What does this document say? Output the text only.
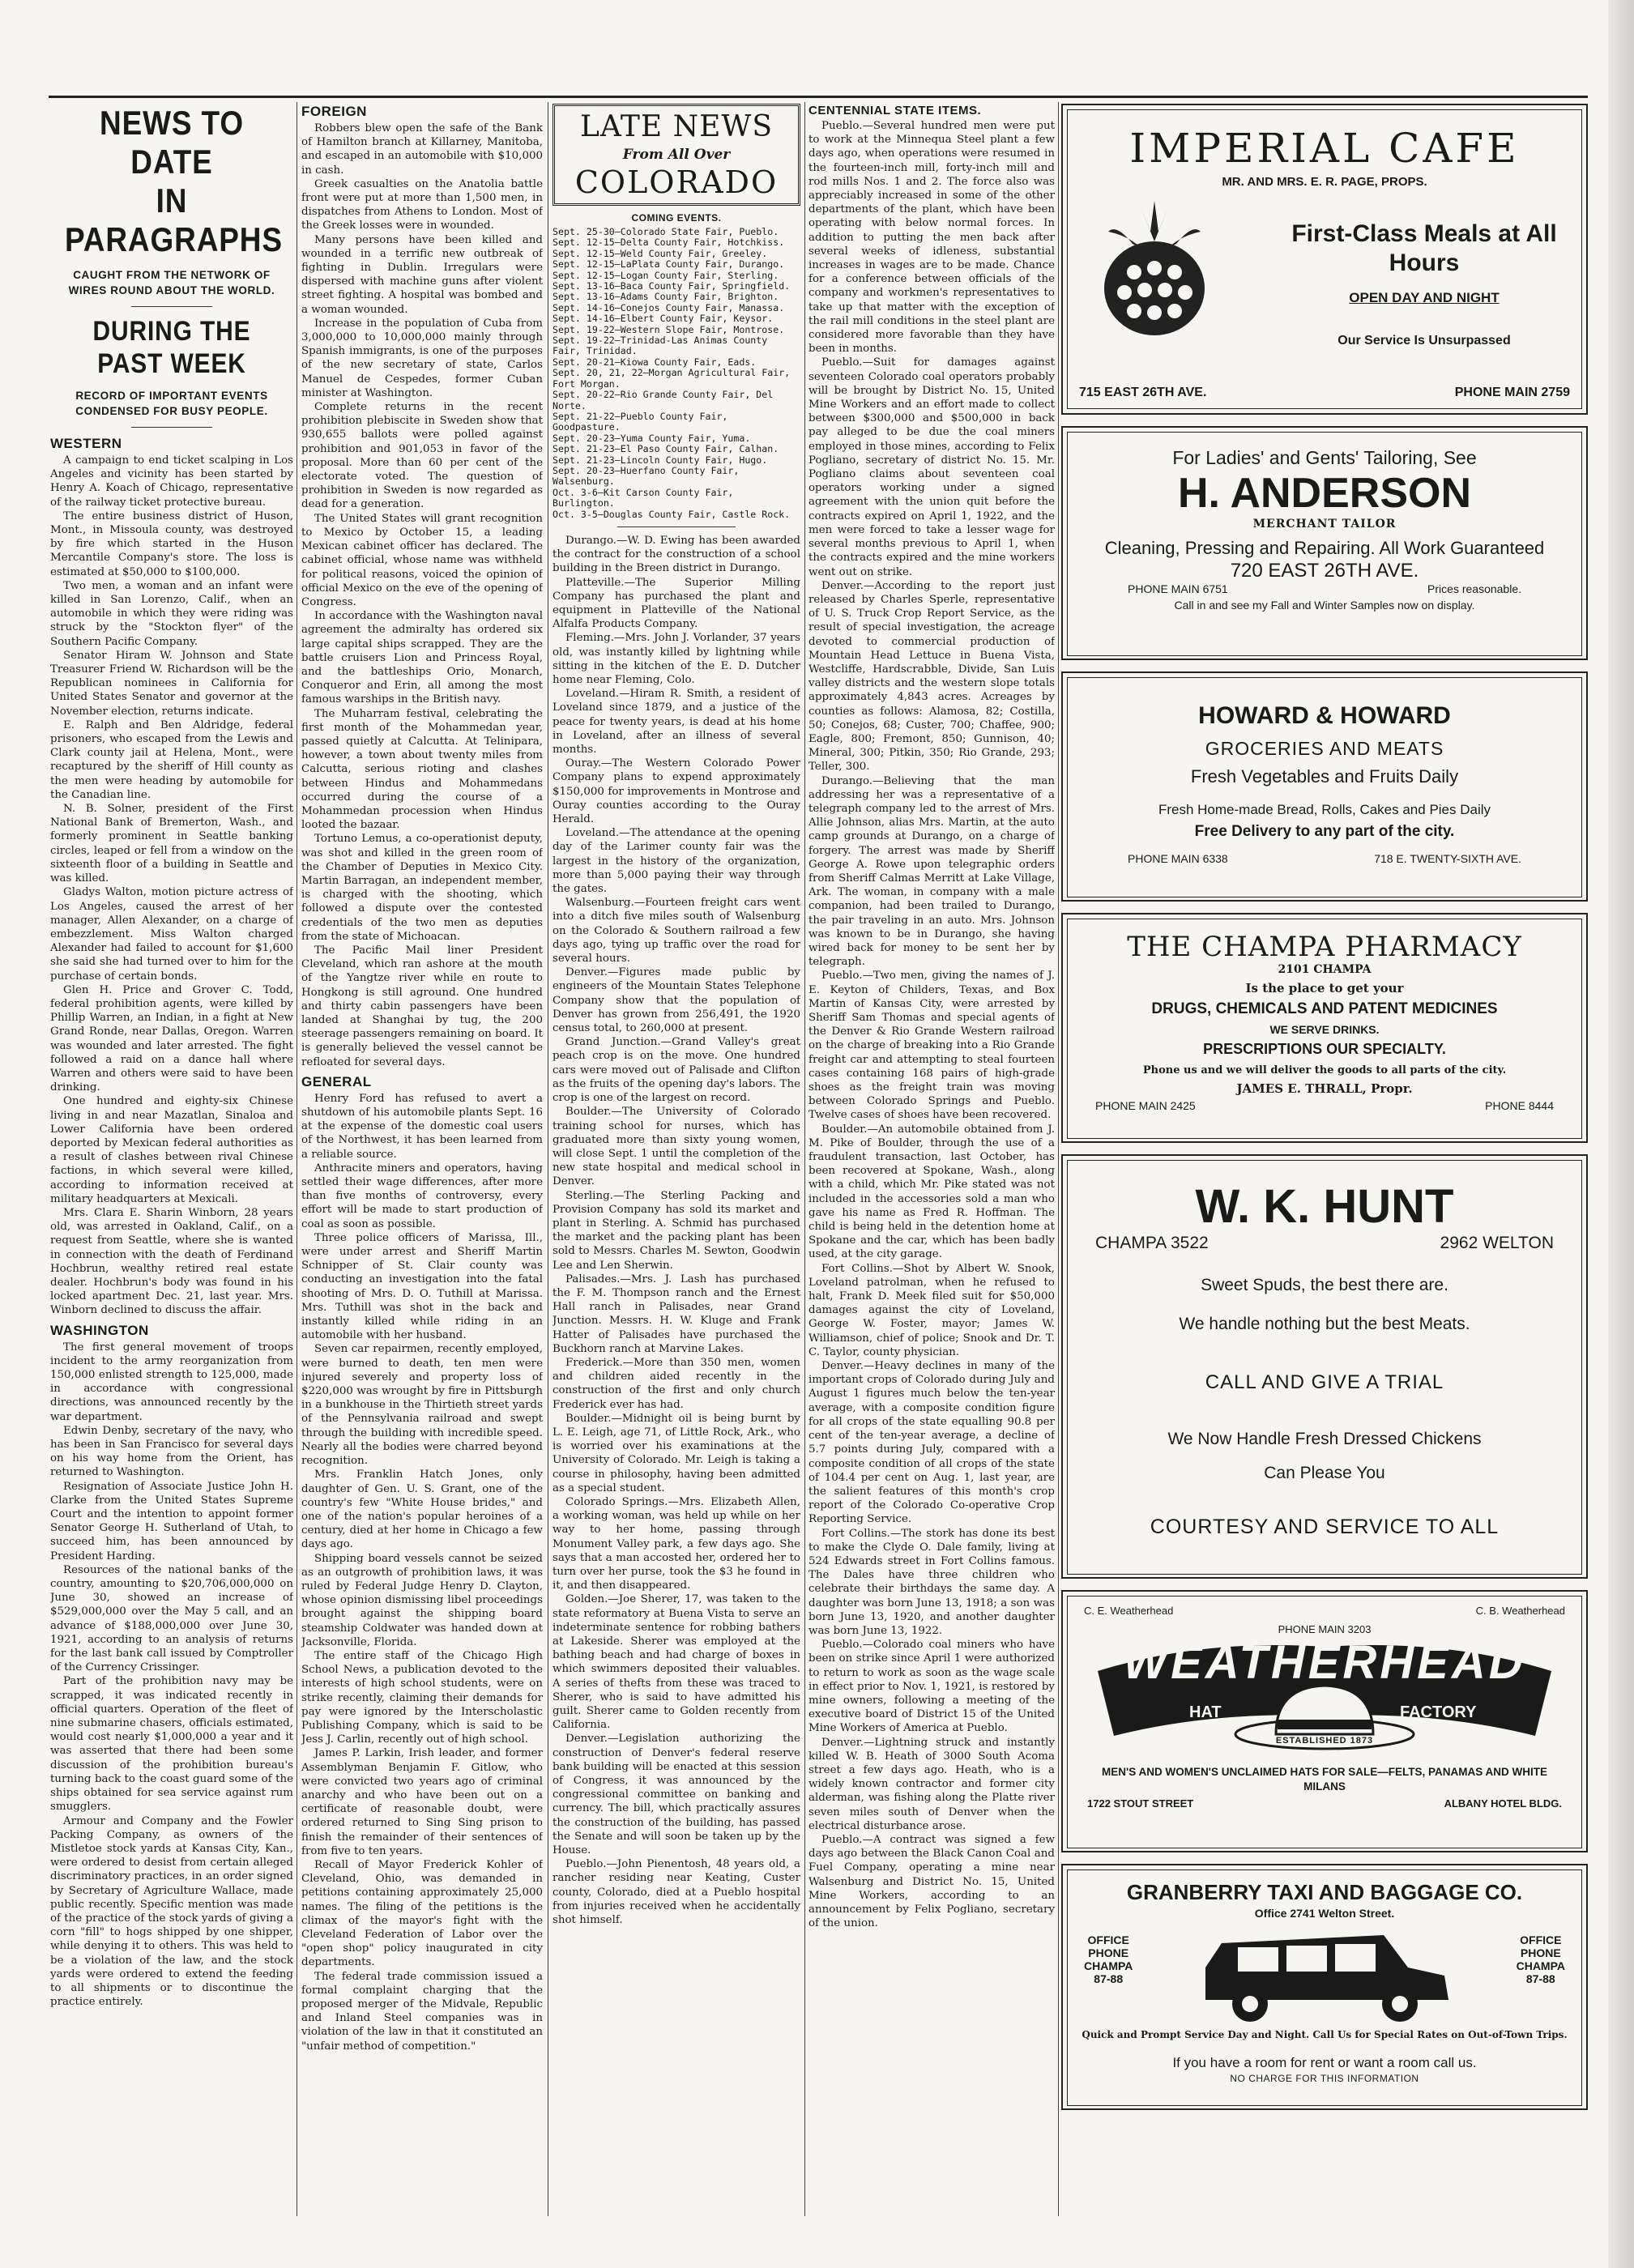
NEWS TO DATE
IN PARAGRAPHS
CAUGHT FROM THE NETWORK OF WIRES ROUND ABOUT THE WORLD.
DURING THE PAST WEEK
RECORD OF IMPORTANT EVENTS CONDENSED FOR BUSY PEOPLE.
WESTERN

A campaign to end ticket scalping in Los Angeles and vicinity has been started by Henry A. Koach of Chicago, representative of the railway ticket protective bureau.

The entire business district of Huson, Mont., in Missoula county, was destroyed by fire which started in the Huson Mercantile Company's store. The loss is estimated at $50,000 to $100,000.

Two men, a woman and an infant were killed in San Lorenzo, Calif., when an automobile in which they were riding was struck by the "Stockton flyer" of the Southern Pacific Company.

Senator Hiram W. Johnson and State Treasurer Friend W. Richardson will be the Republican nominees in California for United States Senator and governor at the November election, returns indicate.

E. Ralph and Ben Aldridge, federal prisoners, who escaped from the Lewis and Clark county jail at Helena, Mont., were recaptured by the sheriff of Hill county as the men were heading by automobile for the Canadian line.

N. B. Solner, president of the First National Bank of Bremerton, Wash., and formerly prominent in Seattle banking circles, leaped or fell from a window on the sixteenth floor of a building in Seattle and was killed.

Gladys Walton, motion picture actress of Los Angeles, caused the arrest of her manager, Allen Alexander, on a charge of embezzlement. Miss Walton charged Alexander had failed to account for $1,600 she said she had turned over to him for the purchase of certain bonds.

Glen H. Price and Grover C. Todd, federal prohibition agents, were killed by Phillip Warren, an Indian, in a fight at New Grand Ronde, near Dallas, Oregon. Warren was wounded and later arrested. The fight followed a raid on a dance hall where Warren and others were said to have been drinking.

One hundred and eighty-six Chinese living in and near Mazatlan, Sinaloa and Lower California have been ordered deported by Mexican federal authorities as a result of clashes between rival Chinese factions, in which several were killed, according to information received at military headquarters at Mexicali.

Mrs. Clara E. Sharin Winborn, 28 years old, was arrested in Oakland, Calif., on a request from Seattle, where she is wanted in connection with the death of Ferdinand Hochbrun, wealthy retired real estate dealer. Hochbrun's body was found in his locked apartment Dec. 21, last year. Mrs. Winborn declined to discuss the affair.

WASHINGTON

The first general movement of troops incident to the army reorganization from 150,000 enlisted strength to 125,000, made in accordance with congressional directions, was announced recently by the war department.

Edwin Denby, secretary of the navy, who has been in San Francisco for several days on his way home from the Orient, has returned to Washington.

Resignation of Associate Justice John H. Clarke from the United States Supreme Court and the intention to appoint former Senator George H. Sutherland of Utah, to succeed him, has been announced by President Harding.

Resources of the national banks of the country, amounting to $20,706,000,000 on June 30, showed an increase of $529,000,000 over the May 5 call, and an advance of $188,000,000 over June 30, 1921, according to an analysis of returns for the last bank call issued by Comptroller of the Currency Crissinger.

Part of the prohibition navy may be scrapped, it was indicated recently in official quarters. Operation of the fleet of nine submarine chasers, officials estimated, would cost nearly $1,000,000 a year and it was asserted that there had been some discussion of the prohibition bureau's turning back to the coast guard some of the ships obtained for sea service against rum smugglers.

Armour and Company and the Fowler Packing Company, as owners of the Mistletoe stock yards at Kansas City, Kan., were ordered to desist from certain alleged discriminatory practices, in an order signed by Secretary of Agriculture Wallace, made public recently. Specific mention was made of the practice of the stock yards of giving a corn "fill" to hogs shipped by one shipper, while denying it to others. This was held to be a violation of the law, and the stock yards were ordered to extend the feeding to all shipments or to discontinue the practice entirely.

FOREIGN

Robbers blew open the safe of the Bank of Hamilton branch at Killarney, Manitoba, and escaped in an automobile with $10,000 in cash.

Greek casualties on the Anatolia battle front were put at more than 1,500 men, in dispatches from Athens to London. Most of the Greek losses were in wounded.

Many persons have been killed and wounded in a terrific new outbreak of fighting in Dublin. Irregulars were dispersed with machine guns after violent street fighting. A hospital was bombed and a woman wounded.

Increase in the population of Cuba from 3,000,000 to 10,000,000 mainly through Spanish immigrants, is one of the purposes of the new secretary of state, Carlos Manuel de Cespedes, former Cuban minister at Washington.

Complete returns in the recent prohibition plebiscite in Sweden show that 930,655 ballots were polled against prohibition and 901,053 in favor of the proposal. More than 60 per cent of the electorate voted. The question of prohibition in Sweden is now regarded as dead for a generation.

The United States will grant recognition to Mexico by October 15, a leading Mexican cabinet officer has declared. The cabinet official, whose name was withheld for political reasons, voiced the opinion of official Mexico on the eve of the opening of Congress.

In accordance with the Washington naval agreement the admiralty has ordered six large capital ships scrapped. They are the battle cruisers Lion and Princess Royal, and the battleships Orio, Monarch, Conqueror and Erin, all among the most famous warships in the British navy.

The Muharram festival, celebrating the first month of the Mohammedan year, passed quietly at Calcutta. At Telinipara, however, a town about twenty miles from Calcutta, serious rioting and clashes between Hindus and Mohammedans occurred during the course of a Mohammedan procession when Hindus looted the bazaar.

Tortuno Lemus, a co-operationist deputy, was shot and killed in the green room of the Chamber of Deputies in Mexico City. Martin Barragan, an independent member, is charged with the shooting, which followed a dispute over the contested credentials of the two men as deputies from the state of Michoacan.

The Pacific Mail liner President Cleveland, which ran ashore at the mouth of the Yangtze river while en route to Hongkong is still aground. One hundred and thirty cabin passengers have been landed at Shanghai by tug, the 200 steerage passengers remaining on board. It is generally believed the vessel cannot be refloated for several days.

GENERAL

Henry Ford has refused to avert a shutdown of his automobile plants Sept. 16 at the expense of the domestic coal users of the Northwest, it has been learned from a reliable source.

Anthracite miners and operators, having settled their wage differences, after more than five months of controversy, every effort will be made to start production of coal as soon as possible.

Three police officers of Marissa, Ill., were under arrest and Sheriff Martin Schnipper of St. Clair county was conducting an investigation into the fatal shooting of Mrs. D. O. Tuthill at Marissa. Mrs. Tuthill was shot in the back and instantly killed while riding in an automobile with her husband.

Seven car repairmen, recently employed, were burned to death, ten men were injured severely and property loss of $220,000 was wrought by fire in Pittsburgh in a bunkhouse in the Thirtieth street yards of the Pennsylvania railroad and swept through the building with incredible speed. Nearly all the bodies were charred beyond recognition.

Mrs. Franklin Hatch Jones, only daughter of Gen. U. S. Grant, one of the country's few "White House brides," and one of the nation's popular heroines of a century, died at her home in Chicago a few days ago.

Shipping board vessels cannot be seized as an outgrowth of prohibition laws, it was ruled by Federal Judge Henry D. Clayton, whose opinion dismissing libel proceedings brought against the shipping board steamship Coldwater was handed down at Jacksonville, Florida.

The entire staff of the Chicago High School News, a publication devoted to the interests of high school students, were on strike recently, claiming their demands for pay were ignored by the Interscholastic Publishing Company, which is said to be Jess J. Carlin, recently out of high school.

James P. Larkin, Irish leader, and former Assemblyman Benjamin F. Gitlow, who were convicted two years ago of criminal anarchy and who have been out on a certificate of reasonable doubt, were ordered returned to Sing Sing prison to finish the remainder of their sentences of from five to ten years.

Recall of Mayor Frederick Kohler of Cleveland, Ohio, was demanded in petitions containing approximately 25,000 names. The filing of the petitions is the climax of the mayor's fight with the Cleveland Federation of Labor over the "open shop" policy inaugurated in city departments.

The federal trade commission issued a formal complaint charging that the proposed merger of the Midvale, Republic and Inland Steel companies was in violation of the law in that it constituted an "unfair method of competition."

LATE NEWS
From All Over
COLORADO
COMING EVENTS.

Sept. 25-30—Colorado State Fair, Pueblo.

Sept. 12-15—Delta County Fair, Hotchkiss.

Sept. 12-15—Weld County Fair, Greeley.

Sept. 12-15—LaPlata County Fair, Durango.

Sept. 12-15—Logan County Fair, Sterling.

Sept. 13-16—Baca County Fair, Springfield.

Sept. 13-16—Adams County Fair, Brighton.

Sept. 14-16—Conejos County Fair, Manassa.

Sept. 14-16—Elbert County Fair, Keysor.

Sept. 19-22—Western Slope Fair, Montrose.

Sept. 19-22—Trinidad-Las Animas County Fair, Trinidad.

Sept. 20-21—Kiowa County Fair, Eads.

Sept. 20, 21, 22—Morgan Agricultural Fair, Fort Morgan.

Sept. 20-22—Rio Grande County Fair, Del Norte.

Sept. 21-22—Pueblo County Fair, Goodpasture.

Sept. 20-23—Yuma County Fair, Yuma.

Sept. 21-23—El Paso County Fair, Calhan.

Sept. 21-23—Lincoln County Fair, Hugo.

Sept. 20-23—Huerfano County Fair, Walsenburg.

Oct. 3-6—Kit Carson County Fair, Burlington.

Oct. 3-5—Douglas County Fair, Castle Rock.

Durango.—W. D. Ewing has been awarded the contract for the construction of a school building in the Breen district in Durango.

Platteville.—The Superior Milling Company has purchased the plant and equipment in Platteville of the National Alfalfa Products Company.

Fleming.—Mrs. John J. Vorlander, 37 years old, was instantly killed by lightning while sitting in the kitchen of the E. D. Dutcher home near Fleming, Colo.

Loveland.—Hiram R. Smith, a resident of Loveland since 1879, and a justice of the peace for twenty years, is dead at his home in Loveland, after an illness of several months.

Ouray.—The Western Colorado Power Company plans to expend approximately $150,000 for improvements in Montrose and Ouray counties according to the Ouray Herald.

Loveland.—The attendance at the opening day of the Larimer county fair was the largest in the history of the organization, more than 5,000 paying their way through the gates.

Walsenburg.—Fourteen freight cars went into a ditch five miles south of Walsenburg on the Colorado & Southern railroad a few days ago, tying up traffic over the road for several hours.

Denver.—Figures made public by engineers of the Mountain States Telephone Company show that the population of Denver has grown from 256,491, the 1920 census total, to 260,000 at present.

Grand Junction.—Grand Valley's great peach crop is on the move. One hundred cars were moved out of Palisade and Clifton as the fruits of the opening day's labors. The crop is one of the largest on record.

Boulder.—The University of Colorado training school for nurses, which has graduated more than sixty young women, will close Sept. 1 until the completion of the new state hospital and medical school in Denver.

Sterling.—The Sterling Packing and Provision Company has sold its market and plant in Sterling. A. Schmid has purchased the market and the packing plant has been sold to Messrs. Charles M. Sewton, Goodwin Lee and Len Sherwin.

Palisades.—Mrs. J. Lash has purchased the F. M. Thompson ranch and the Ernest Hall ranch in Palisades, near Grand Junction. Messrs. H. W. Kluge and Frank Hatter of Palisades have purchased the Buckhorn ranch at Marvine Lakes.

Frederick.—More than 350 men, women and children aided recently in the construction of the first and only church Frederick ever has had.

Boulder.—Midnight oil is being burnt by L. E. Leigh, age 71, of Little Rock, Ark., who is worried over his examinations at the University of Colorado. Mr. Leigh is taking a course in philosophy, having been admitted as a special student.

Colorado Springs.—Mrs. Elizabeth Allen, a working woman, was held up while on her way to her home, passing through Monument Valley park, a few days ago. She says that a man accosted her, ordered her to turn over her purse, took the $3 he found in it, and then disappeared.

Golden.—Joe Sherer, 17, was taken to the state reformatory at Buena Vista to serve an indeterminate sentence for robbing bathers at Lakeside. Sherer was employed at the bathing beach and had charge of boxes in which swimmers deposited their valuables. A series of thefts from these was traced to Sherer, who is said to have admitted his guilt. Sherer came to Golden recently from California.

Denver.—Legislation authorizing the construction of Denver's federal reserve bank building will be enacted at this session of Congress, it was announced by the congressional committee on banking and currency. The bill, which practically assures the construction of the building, has passed the Senate and will soon be taken up by the House.

Pueblo.—John Pienentosh, 48 years old, a rancher residing near Keating, Custer county, Colorado, died at a Pueblo hospital from injuries received when he accidentally shot himself.

CENTENNIAL STATE ITEMS.

Pueblo.—Several hundred men were put to work at the Minnequa Steel plant a few days ago, when operations were resumed in the fourteen-inch mill, forty-inch mill and rod mills Nos. 1 and 2. The force also was appreciably increased in some of the other departments of the plant, which have been operating with below normal forces. In addition to putting the men back after several weeks of idleness, substantial increases in wages are to be made. Chance for a conference between officials of the company and workmen's representatives to take up that matter with the exception of the rail mill conditions in the steel plant are considered more favorable than they have been in months.

Pueblo.—Suit for damages against seventeen Colorado coal operators probably will be brought by District No. 15, United Mine Workers and an effort made to collect between $300,000 and $500,000 in back pay alleged to be due the coal miners employed in those mines, according to Felix Pogliano, secretary of district No. 15. Mr. Pogliano claims about seventeen coal operators working under a signed agreement with the union quit before the contracts expired on April 1, 1922, and the men were forced to take a lesser wage for several months previous to April 1, when the contracts expired and the mine workers went out on strike.

Denver.—According to the report just released by Charles Sperle, representative of U. S. Truck Crop Report Service, as the result of special investigation, the acreage devoted to commercial production of Mountain Head Lettuce in Buena Vista, Westcliffe, Hardscrabble, Divide, San Luis valley districts and the western slope totals approximately 4,843 acres. Acreages by counties as follows: Alamosa, 82; Costilla, 50; Conejos, 68; Custer, 700; Chaffee, 900; Eagle, 800; Fremont, 850; Gunnison, 40; Mineral, 300; Pitkin, 350; Rio Grande, 293; Teller, 300.

Durango.—Believing that the man addressing her was a representative of a telegraph company led to the arrest of Mrs. Allie Johnson, alias Mrs. Martin, at the auto camp grounds at Durango, on a charge of forgery. The arrest was made by Sheriff George A. Rowe upon telegraphic orders from Sheriff Calmas Merritt at Lake Village, Ark. The woman, in company with a male companion, had been trailed to Durango, the pair traveling in an auto. Mrs. Johnson was known to be in Durango, she having wired back for money to be sent her by telegraph.

Pueblo.—Two men, giving the names of J. E. Keyton of Childers, Texas, and Box Martin of Kansas City, were arrested by Sheriff Sam Thomas and special agents of the Denver & Rio Grande Western railroad on the charge of breaking into a Rio Grande freight car and attempting to steal fourteen cases containing 168 pairs of high-grade shoes as the freight train was moving between Colorado Springs and Pueblo. Twelve cases of shoes have been recovered.

Boulder.—An automobile obtained from J. M. Pike of Boulder, through the use of a fraudulent transaction, last October, has been recovered at Spokane, Wash., along with a child, which Mr. Pike stated was not included in the accessories sold a man who gave his name as Fred R. Hoffman. The child is being held in the detention home at Spokane and the car, which has been badly used, at the city garage.

Fort Collins.—Shot by Albert W. Snook, Loveland patrolman, when he refused to halt, Frank D. Meek filed suit for $50,000 damages against the city of Loveland, George W. Foster, mayor; James W. Williamson, chief of police; Snook and Dr. T. C. Taylor, county physician.

Denver.—Heavy declines in many of the important crops of Colorado during July and August 1 figures much below the ten-year average, with a composite condition figure for all crops of the state equalling 90.8 per cent of the ten-year average, a decline of 5.7 points during July, compared with a composite condition of all crops of the state of 104.4 per cent on Aug. 1, last year, are the salient features of this month's crop report of the Colorado Co-operative Crop Reporting Service.

Fort Collins.—The stork has done its best to make the Clyde O. Dale family, living at 524 Edwards street in Fort Collins famous. The Dales have three children who celebrate their birthdays the same day. A daughter was born June 13, 1918; a son was born June 13, 1920, and another daughter was born June 13, 1922.

Pueblo.—Colorado coal miners who have been on strike since April 1 were authorized to return to work as soon as the wage scale in effect prior to Nov. 1, 1921, is restored by mine owners, following a meeting of the executive board of District 15 of the United Mine Workers of America at Pueblo.

Denver.—Lightning struck and instantly killed W. B. Heath of 3000 South Acoma street a few days ago. Heath, who is a widely known contractor and former city alderman, was fishing along the Platte river seven miles south of Denver when the electrical disturbance arose.

Pueblo.—A contract was signed a few days ago between the Black Canon Coal and Fuel Company, operating a mine near Walsenburg and District No. 15, United Mine Workers, according to an announcement by Felix Pogliano, secretary of the union.

IMPERIAL CAFE
MR. AND MRS. E. R. PAGE, PROPS.
First-Class Meals at All Hours
OPEN DAY AND NIGHT
Our Service Is Unsurpassed
715 EAST 26TH AVE.	PHONE MAIN 2759
For Ladies' and Gents' Tailoring, See
H. ANDERSON
MERCHANT TAILOR
Cleaning, Pressing and Repairing. All Work Guaranteed
720 EAST 26TH AVE.
PHONE MAIN 6751	Prices reasonable.
Call in and see my Fall and Winter Samples now on display.
HOWARD & HOWARD
GROCERIES AND MEATS
Fresh Vegetables and Fruits Daily
Fresh Home-made Bread, Rolls, Cakes and Pies Daily
Free Delivery to any part of the city.
PHONE MAIN 6338	718 E. TWENTY-SIXTH AVE.
THE CHAMPA PHARMACY
2101 CHAMPA
Is the place to get your
DRUGS, CHEMICALS AND PATENT MEDICINES
WE SERVE DRINKS.
PRESCRIPTIONS OUR SPECIALTY.
Phone us and we will deliver the goods to all parts of the city.
JAMES E. THRALL, Propr.
PHONE MAIN 2425	PHONE 8444
W. K. HUNT
CHAMPA 3522	2962 WELTON
Sweet Spuds, the best there are.
We handle nothing but the best Meats.
CALL AND GIVE A TRIAL
We Now Handle Fresh Dressed Chickens
Can Please You
COURTESY AND SERVICE TO ALL
C. E. Weatherhead	C. B. Weatherhead
PHONE MAIN 3203
WEATHERHEAD
HAT	FACTORY
ESTABLISHED 1873
MEN'S AND WOMEN'S UNCLAIMED HATS FOR SALE—FELTS, PANAMAS AND WHITE MILANS
1722 STOUT STREET	ALBANY HOTEL BLDG.
GRANBERRY TAXI AND BAGGAGE CO.
Office 2741 Welton Street.
OFFICE
PHONE
CHAMPA
87-88
OFFICE
PHONE
CHAMPA
87-88
Quick and Prompt Service Day and Night. Call Us for Special Rates on Out-of-Town Trips.
If you have a room for rent or want a room call us.
NO CHARGE FOR THIS INFORMATION
